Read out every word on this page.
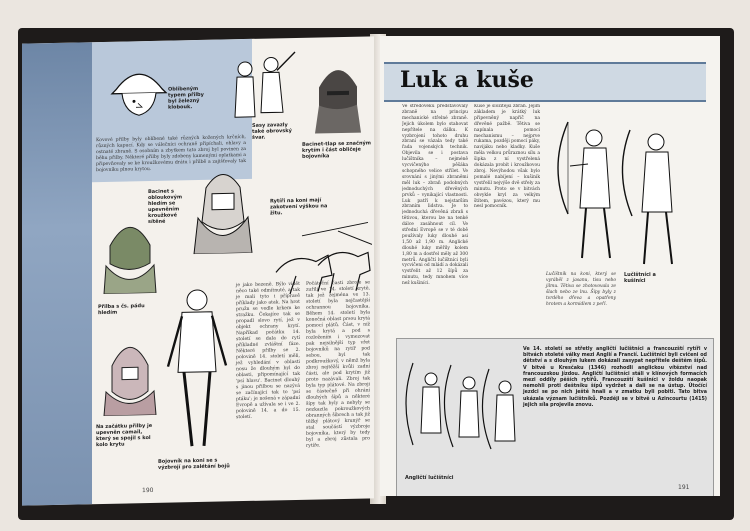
Oblíbeným typem přilby byl železný klobouk.
Sasy zavazly také obrovský švar.
Bacinet-tlap se značným krytím i část obličeje bojovníka
Kovové přilby byly oblíbené také různých kožených krčních, různých kapucí. Kdy se válečníci ochraně připíchali, ohlavy a ostnaté zbraně. S osobním a zbytkem tato zbroj byl povinen za běhu přilby. Některé přilby byly zdobeny kamenými oplatkami a připevňovaly se ke kroužkovému drátu i přilbě a zajišťovaly tak bojovníku plnou krytou.
Bacinet s obloukovým hledím se upevněním kroužkové sítěné
Rytíři na koni mají zakotvení výškou na žitu.
Přilba s čs. pádu hledím
Na začátku přilby je upevněn camail, který se spojil s kol kolo krytu
Bojovník na koni se s výzbrojí pro zalétání bojů
je jako bezeně. Býlo vidět něco také odmítnuté, a tak je mali tyto i přípravě příklady jako atak. Na hrot pružn se vedle krkem ke stražku. Čekajíce tak se propadl slovo rytí, jež v objekt ochrany krytí. Napříkad počátku 14. století se dala do rytí příkladné zvláštní fáze. Některé přilby se 2. polovině 14. století měli, jež vyhledání v oblasti nosu že dlouhým byl do oblasti, připomínající tak 'psí hlavu'. Bacinet dlouhý s jinou přilbou se nazývá se začínající tak to 'psí ptáku'; je nošená v západní Evropě a užívala se i ve 2. polovině 14. a do 15. století.
Počáteční časti zbroje se zuřili ve 14. století krytě, tak jež zejména ve 13. století byla nejčastější ochrannou bojovníka. Během 14. století byla konečná oblast prsou krytá pomocí plátů. Část, v níž byla krytá a pod s rozložením i vymezovat pak nejsilnější typ vřet bojovníků na rytíř pod sebou, byl tak podkroužkový, v němž byla zbroj nejtěžší kvůli zadní části, ale pod krytím již proto nazávali. Zbroj tak byla typ plátové. Na zbroji se částečně při ohrání dlouhých šípů a některé šípy tak byly a nebyly se nezkazila pokroužkových obranných šíbrech a tak již těžký plátový krunýř se stal součástí výzbroje bojovníka, který by tedy byl a zbroj zůstala pro rytíře.
190
Luk a kuše
Ve středověku představovaly zbraně na principu mechanické střelné zbraně. Jejich úkolem bylo stahovat nepřítele na dálku. K vyzbrojení tohoto druhu zbraní se vázala tedy také řada vojenských technik. Objevila se i postava lučištníka – nejméně vycvičenýho pěšáka schopného velice střílet. Ve srovnání s jinými zbraněmi měl luk – zbraň podobných jednoduchých dřevěných prvků – vynikající vlastnosti. Luk patří k nejstarším zbraním lidstva. Je to jednoduchá dřevěná zbraň s tětivou, kterou lze na tenké dálce zasáhnout cíl. Ve střední Evropě se v té době používaly luky dlouhé asi 1,50 až 1,90 m. Anglické dlouhé luky měřily kolem 1,80 m a dostřel měly až 300 metrů. Angličtí lučištníci byli vycvičeni od mládí a dokázali vystřelit až 12 šípů za minutu, tedy mnohem více než kušiníci.
Kuše je složitější zbraň. Jejím základem je krátký luk připevněný napříč na dřevěné pažbě. Tětiva se napínala pomocí mechanismu – nejprve rukama, později pomocí páky, navijáku nebo kladky. Kuše měla velkou průraznou sílu a šipka z ní vystřelená dokázala probít i kroužkovou zbroj. Nevýhodou však bylo pomalé nabíjení – kušiník vystřelil nejvýše dvě střely za minutu. Proto se v bitvách obvykle kryl za velkým štítem, pavézou, který mu nesl pomocník.
Lučištník na koni, který se vyráběl z jasanu, tisu nebo jilmu. Tětiva se zhotovovala ze šlach nebo ze lnu. Šípy byly z tvrdého dřeva a opatřeny hrotem a kormidlem z peří.
Lučištníci a kušiníci
Angličtí lučištníci
Ve 14. století se střetly angličtí lučištníci a francouzští rytíři v bitvách stoleté války mezi Anglií a Francií. Lučištníci byli cvičeni od dětství a s dlouhým lukem dokázali zasypat nepřítele deštěm šípů. V bitvě u Kresčaku (1346) rozhodli anglickou vítězství nad francouzskou jízdou. Angličtí lučištníci stáli v klínových formacích mezi oddíly pěších rytířů. Francouzští kušiníci v žoldu naopak nemohli proti deštníku šípů vydržet a dali se na ústup. Útočící jezdci se po nich ještě hnali a v zmatku byli pobiti. Tato bitva ukázala význam lučištníků. Později se v bitvě u Azincourtu (1415) jejich síla projevila znovu.
191
